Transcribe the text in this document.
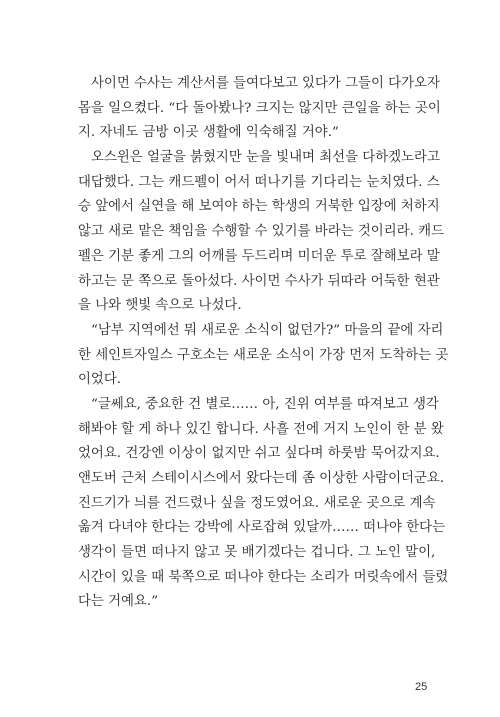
사이먼 수사는 계산서를 들여다보고 있다가 그들이 다가오자
몸을 일으켰다. “다 돌아봤나? 크지는 않지만 큰일을 하는 곳이
지. 자네도 금방 이곳 생활에 익숙해질 거야.”
오스윈은 얼굴을 붉혔지만 눈을 빛내며 최선을 다하겠노라고
대답했다. 그는 캐드펠이 어서 떠나기를 기다리는 눈치였다. 스
승 앞에서 실연을 해 보여야 하는 학생의 거북한 입장에 처하지
않고 새로 맡은 책임을 수행할 수 있기를 바라는 것이리라. 캐드
펠은 기분 좋게 그의 어깨를 두드리며 미더운 투로 잘해보라 말
하고는 문 쪽으로 돌아섰다. 사이먼 수사가 뒤따라 어둑한 현관
을 나와 햇빛 속으로 나섰다.
“남부 지역에선 뭐 새로운 소식이 없던가?” 마을의 끝에 자리
한 세인트자일스 구호소는 새로운 소식이 가장 먼저 도착하는 곳
이었다.
“글쎄요, 중요한 건 별로…… 아, 진위 여부를 따져보고 생각
해봐야 할 게 하나 있긴 합니다. 사흘 전에 거지 노인이 한 분 왔
었어요. 건강엔 이상이 없지만 쉬고 싶다며 하룻밤 묵어갔지요.
앤도버 근처 스테이시스에서 왔다는데 좀 이상한 사람이더군요.
진드기가 늬를 건드렸나 싶을 정도였어요. 새로운 곳으로 계속
옮겨 다녀야 한다는 강박에 사로잡혀 있달까…… 떠나야 한다는
생각이 들면 떠나지 않고 못 배기겠다는 겁니다. 그 노인 말이,
시간이 있을 때 북쪽으로 떠나야 한다는 소리가 머릿속에서 들렸
다는 거예요.”
25
